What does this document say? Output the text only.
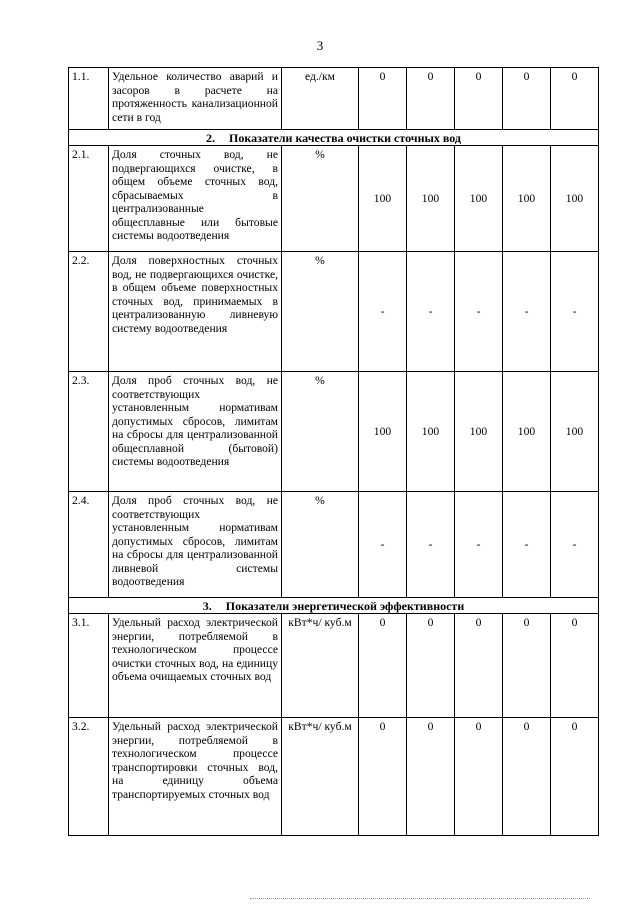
3
1.1.	Удельное количество аварий и засоров в расчете на протяженность канализационной сети в год	ед./км	0	0	0	0	0
2. Показатели качества очистки сточных вод							
2.1.	Доля сточных вод, не подвергающихся очистке, в общем объеме сточных вод, сбрасываемых в централизованные общесплавные или бытовые системы водоотведения	%	100	100	100	100	100
2.2.	Доля поверхностных сточных вод, не подвергающихся очистке, в общем объеме поверхностных сточных вод, принимаемых в централизованную ливневую систему водоотведения	%	-	-	-	-	-
2.3.	Доля проб сточных вод, не соответствующих установленным нормативам допустимых сбросов, лимитам на сбросы для централизованной общесплавной (бытовой) системы водоотведения	%	100	100	100	100	100
2.4.	Доля проб сточных вод, не соответствующих установленным нормативам допустимых сбросов, лимитам на сбросы для централизованной ливневой системы водоотведения	%	-	-	-	-	-
3. Показатели энергетической эффективности							
3.1.	Удельный расход электрической энергии, потребляемой в технологическом процессе очистки сточных вод, на единицу объема очищаемых сточных вод	кВт*ч/ куб.м	0	0	0	0	0
3.2.	Удельный расход электрической энергии, потребляемой в технологическом процессе транспортировки сточных вод, на единицу объема транспортируемых сточных вод	кВт*ч/ куб.м	0	0	0	0	0
